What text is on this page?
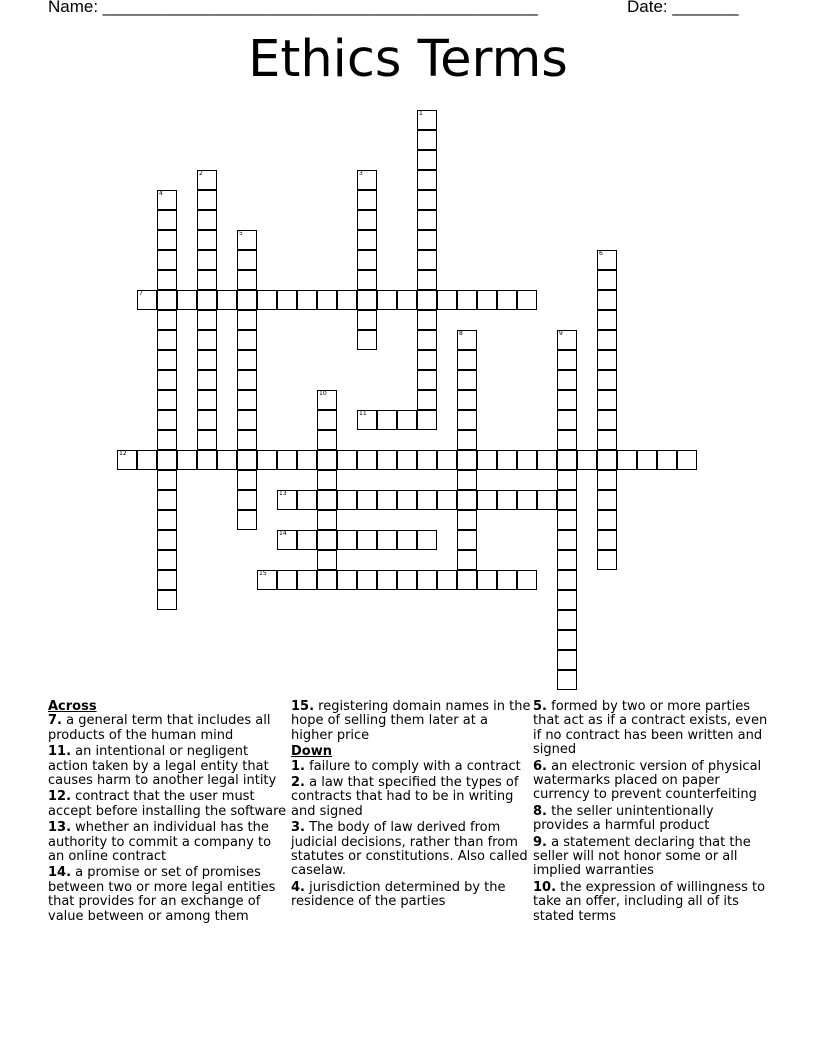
Name: ______________________________________________	Date: _______
Ethics Terms
1
2	3
4
5
6
7
8	9
10
11
12
13
14
15
Across
7. a general term that includes all products of the human mind
11. an intentional or negligent action taken by a legal entity that causes harm to another legal intity
12. contract that the user must accept before installing the software
13. whether an individual has the authority to commit a company to an online contract
14. a promise or set of promises between two or more legal entities that provides for an exchange of value between or among them
15. registering domain names in the hope of selling them later at a higher price
Down
1. failure to comply with a contract
2. a law that specified the types of contracts that had to be in writing and signed
3. The body of law derived from judicial decisions, rather than from statutes or constitutions. Also called caselaw.
4. jurisdiction determined by the residence of the parties
5. formed by two or more parties that act as if a contract exists, even if no contract has been written and signed
6. an electronic version of physical watermarks placed on paper currency to prevent counterfeiting
8. the seller unintentionally provides a harmful product
9. a statement declaring that the seller will not honor some or all implied warranties
10. the expression of willingness to take an offer, including all of its stated terms
